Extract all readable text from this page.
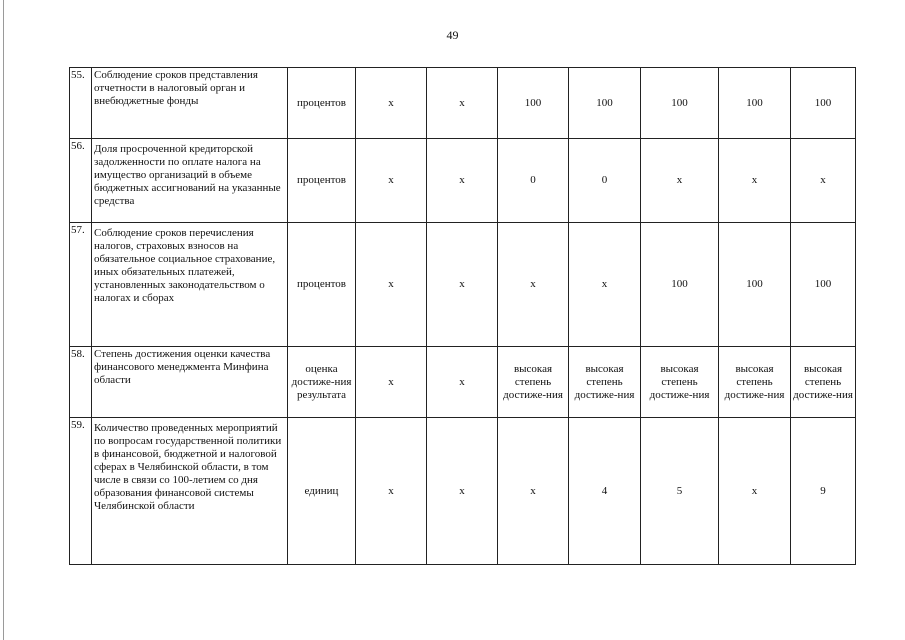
49
55.	Соблюдение сроков представления отчетности в налоговый орган и внебюджетные фонды	процентов	х	х	100	100	100	100	100
56.	Доля просроченной кредиторской задолженности по оплате налога на имущество организаций в объеме бюджетных ассигнований на указанные средства	процентов	х	х	0	0	х	х	х
57.	Соблюдение сроков перечисления налогов, страховых взносов на обязательное социальное страхование, иных обязательных платежей, установленных законодательством о налогах и сборах	процентов	х	х	х	х	100	100	100
58.	Степень достижения оценки качества финансового менеджмента Минфина области	оценка достиже-ния результата	х	х	высокая степень достиже-ния	высокая степень достиже-ния	высокая степень достиже-ния	высокая степень достиже-ния	высокая степень достиже-ния
59.	Количество проведенных мероприятий по вопросам государственной политики в финансовой, бюджетной и налоговой сферах в Челябинской области, в том числе в связи со 100-летием со дня образования финансовой системы Челябинской области	единиц	х	х	х	4	5	х	9
